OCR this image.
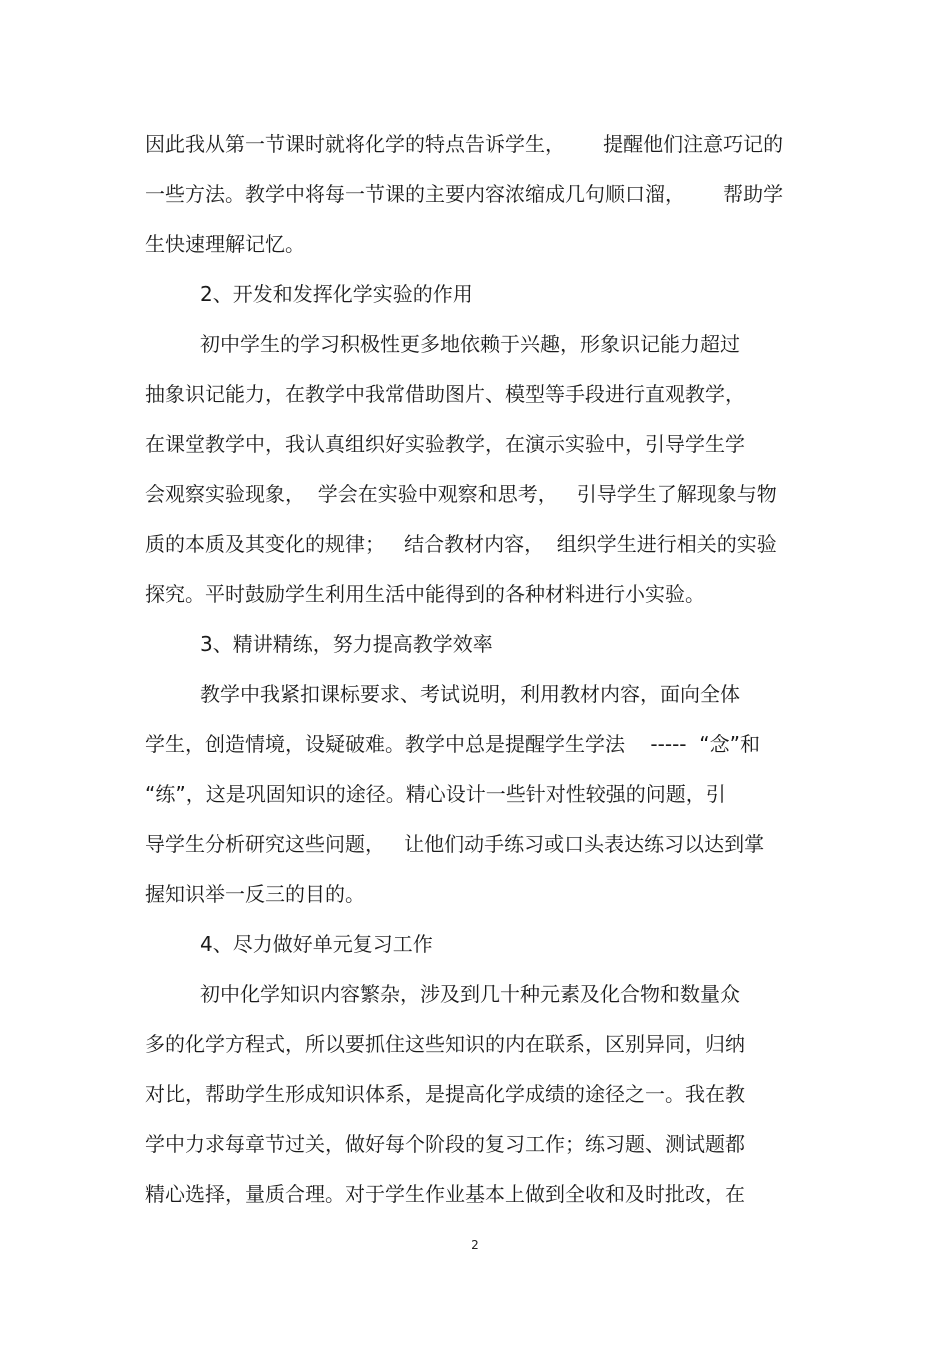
因此我从第一节课时就将化学的特点告诉学生，      提醒他们注意巧记的
一些方法。教学中将每一节课的主要内容浓缩成几句顺口溜，      帮助学
生快速理解记忆。
2、开发和发挥化学实验的作用
初中学生的学习积极性更多地依赖于兴趣，形象识记能力超过
抽象识记能力，在教学中我常借助图片、模型等手段进行直观教学，
在课堂教学中，我认真组织好实验教学，在演示实验中，引导学生学
会观察实验现象，  学会在实验中观察和思考，   引导学生了解现象与物
质的本质及其变化的规律；   结合教材内容，  组织学生进行相关的实验
探究。平时鼓励学生利用生活中能得到的各种材料进行小实验。
3、精讲精练，努力提高教学效率
教学中我紧扣课标要求、考试说明，利用教材内容，面向全体
学生，创造情境，设疑破难。教学中总是提醒学生学法    -----  “念”和
“练”，这是巩固知识的途径。精心设计一些针对性较强的问题，引
导学生分析研究这些问题，   让他们动手练习或口头表达练习以达到掌
握知识举一反三的目的。
4、尽力做好单元复习工作
初中化学知识内容繁杂，涉及到几十种元素及化合物和数量众
多的化学方程式，所以要抓住这些知识的内在联系，区别异同，归纳
对比，帮助学生形成知识体系，是提高化学成绩的途径之一。我在教
学中力求每章节过关，做好每个阶段的复习工作；练习题、测试题都
精心选择，量质合理。对于学生作业基本上做到全收和及时批改，在
2
